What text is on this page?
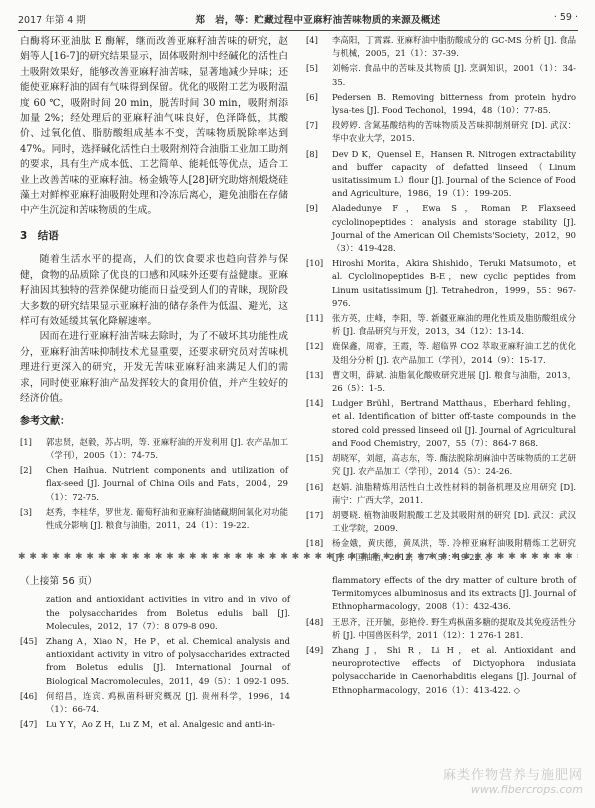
2017 年第 4 期	郑　岩，等：贮藏过程中亚麻籽油苦味物质的来源及概述	· 59 ·

白酶将环亚油肽 E 酶解，继而改善亚麻籽油苦味的研究，赵娟等人[16-7]的研究结果显示，固体吸附剂中经碱化的活性白土吸附效果好，能够改善亚麻籽油苦味，显著地减少异味；还能使亚麻籽油的固有气味得到保留。优化的吸附工艺为吸附温度 60 ℃，吸附时间 20 min，脱苦时间 30 min，吸附剂添加量 2%；经处理后的亚麻籽油气味良好，色泽降低，其酸价、过氧化值、脂肪酸组成基本不变，苦味物质脱除率达到 47%。同时，选择碱化活性白土吸附剂符合油脂工业加工助剂的要求，具有生产成本低、工艺简单、能耗低等优点，适合工业上改善苦味的亚麻籽油。杨金娥等人[28]研究助熔剂煅烧硅藻土对鲜榨亚麻籽油吸附处理和冷冻后离心，避免油脂在存储中产生沉淀和苦味物质的生成。

3　结语

随着生活水平的提高，人们的饮食要求也趋向营养与保健，食物的品质除了优良的口感和风味外还要有益健康。亚麻籽油因其独特的营养保健功能而日益受到人们的青睐，现阶段大多数的研究结果显示亚麻籽油的储存条件为低温、避光，这样可有效延缓其氧化降解速率。

因而在进行亚麻籽油苦味去除时，为了不破坏其功能性成分，亚麻籽油苦味抑制技术尤显重要，还要求研究员对苦味机理进行更深入的研究，开发无苦味亚麻籽油来满足人们的需求，同时使亚麻籽油产品发挥较大的食用价值，并产生较好的经济价值。

参考文献：
[1]	郭忠贤，赵毅，苏占明，等. 亚麻籽油的开发利用 [J]. 农产品加工（学刊），2005（1）：74-75.
[2]	Chen Haihua. Nutrient components and utilization of flax-seed [J]. Journal of China Oils and Fats，2004，29（1）：72-75.
[3]	赵秀，李桂华，罗世龙. 葡萄籽油和亚麻籽油储藏期间氧化对功能性成分影响 [J]. 粮食与油脂，2011，24（1）：19-22.
[4]	李高阳，丁霄霖. 亚麻籽油中脂肪酸成分的 GC-MS 分析 [J]. 食品与机械，2005，21（1）：37-39.
[5]	刘畅宗. 食品中的苦味及其物质 [J]. 烹调知识，2001（1）：34-35.
[6]	Pedersen B. Removing bitterness from protein hydro lysa-tes [J]. Food Techonol，1994，48（10）：77-85.
[7]	段婷婷. 含氮基酸结构的苦味物质及苦味抑制剂研究 [D]. 武汉：华中农业大学，2015.
[8]	Dev D K，Quensel E，Hansen R. Nitrogen extractability and buffer capacity of defatted linseed（Linum usitatissimum L）flour [J]. Journal of the Science of Food and Agriculture，1986，19（1）：199-205.
[9]	Aladedunye F，Ewa S，Roman P. Flaxseed cyclolinopeptides：analysis and storage stability [J]. Journal of the American Oil Chemists'Society，2012，90（3）：419-428.
[10]	Hiroshi Morita，Akira Shishido，Teruki Matsumoto，et al. Cyclolinopeptides B-E，new cyclic peptides from Linum usitatissimum [J]. Tetrahedron，1999，55：967-976.
[11]	张方英，庄峰，李阳，等. 新疆亚麻油的理化性质及脂肪酸组成分析 [J]. 食品研究与开发，2013，34（12）：13-14.
[12]	鹿保鑫，周睿，王霞，等. 超临界 CO2 萃取亚麻籽油工艺的优化及组分分析 [J]. 农产品加工（学刊），2014（9）：15-17.
[13]	曹文明，薛斌. 油脂氧化酸败研究进展 [J]. 粮食与油脂，2013，26（5）：1-5.
[14]	Ludger Brühl，Bertrand Matthaus，Eberhard fehling，et al. Identification of bitter off-taste compounds in the stored cold pressed linseed oil [J]. Journal of Agricultural and Food Chemistry，2007，55（7）：864-7 868.
[15]	胡晓军，刘超，高志东，等. 酶法脱除胡麻油中苦味物质的工艺研究 [J]. 农产品加工（学刊），2014（5）：24-26.
[16]	赵娟. 油脂精炼用活性白土改性材料的制备机理及应用研究 [D]. 南宁：广西大学，2011.
[17]	胡婴晓. 植物油吸附脱酸工艺及其吸附剂的研究 [D]. 武汉：武汉工业学院，2009.
[18]	杨金娥，黄庆德，黄凤洪，等. 冷榨亚麻籽油吸附精炼工艺研究 [J]. 中国油脂，2012，37（5）：19-22. ◇
✱ ✱ ✱ ✱ ✱ ✱ ✱ ✱ ✱ ✱ ✱ ✱ ✱ ✱ ✱ ✱ ✱ ✱ ✱ ✱ ✱ ✱ ✱ ✱ ✱ ✱ ✱ ✱ ✱ ✱ ✱ ✱ ✱ ✱ ✱ ✱ ✱ ✱ ✱ ✱ ✱ ✱ ✱ ✱ ✱ ✱ ✱ ✱ ✱ ✱ ✱ ✱ ✱ ✱ ✱ ✱ ✱ ✱ ✱ ✱ ✱ ✱ ✱ ✱ ✱ ✱ ✱ ✱ ✱ ✱ ✱ ✱ ✱ ✱ ✱ ✱ ✱ ✱
（上接第 56 页）
zation and antioxidant activities in vitro and in vivo of the polysaccharides from Boletus edulis ball [J]. Molecules，2012，17（7）：8 079-8 090.
[45]	Zhang A，Xiao N，He P，et al. Chemical analysis and antioxidant activity in vitro of polysaccharides extracted from Boletus edulis [J]. International Journal of Biological Macromolecules，2011，49（5）：1 092-1 095.
[46]	何绍昌，连宾. 鸡枞菌科研究概况 [J]. 贵州科学，1996，14（1）：66-74.
[47]	Lu Y Y，Ao Z H，Lu Z M，et al. Analgesic and anti-in-
flammatory effects of the dry matter of culture broth of Termitomyces albuminosus and its extracts [J]. Journal of Ethnopharmacology，2008（1）：432-436.
[48]	王思齐，汪开毓，彭艳伶. 野生鸡枞菌多糖的提取及其免疫活性分析 [J]. 中国兽医科学，2011（12）：1 276-1 281.
[49]	Zhang J，Shi R，Li H，et al. Antioxidant and neuroprotective effects of Dictyophora indusiata polysaccharide in Caenorhabditis elegans [J]. Journal of Ethnopharmacology，2016（1）：413-422. ◇
麻类作物营养与施肥网
www.fibercrops.com
